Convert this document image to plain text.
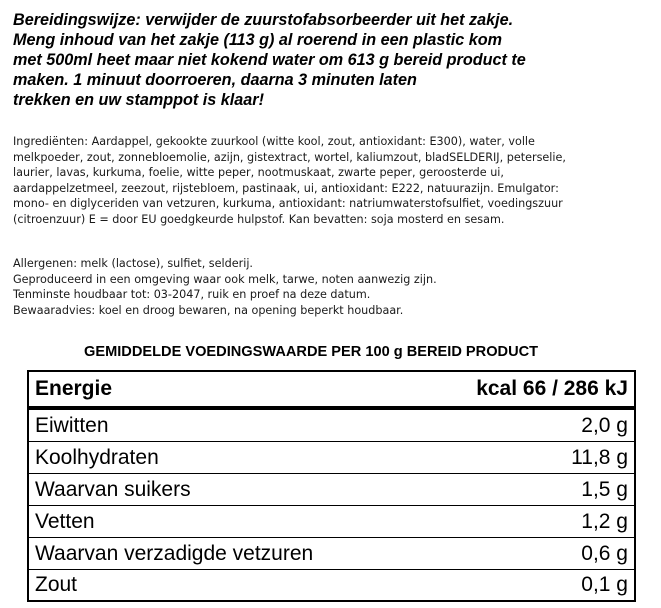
Bereidingswijze: verwijder de zuurstofabsorbeerder uit het zakje.
Meng inhoud van het zakje (113 g) al roerend in een plastic kom
met 500ml heet maar niet kokend water om 613 g bereid product te
maken. 1 minuut doorroeren, daarna 3 minuten laten
trekken en uw stamppot is klaar!
Ingrediënten: Aardappel, gekookte zuurkool (witte kool, zout, antioxidant: E300), water, volle
melkpoeder, zout, zonnebloemolie, azijn, gistextract, wortel, kaliumzout, bladSELDERIJ, peterselie,
laurier, lavas, kurkuma, foelie, witte peper, nootmuskaat, zwarte peper, geroosterde ui,
aardappelzetmeel, zeezout, rijstebloem, pastinaak, ui, antioxidant: E222, natuurazijn. Emulgator:
mono- en diglyceriden van vetzuren, kurkuma, antioxidant: natriumwaterstofsulfiet, voedingszuur
(citroenzuur) E = door EU goedgkeurde hulpstof. Kan bevatten: soja mosterd en sesam.
Allergenen: melk (lactose), sulfiet, selderij.
Geproduceerd in een omgeving waar ook melk, tarwe, noten aanwezig zijn.
Tenminste houdbaar tot: 03-2047, ruik en proef na deze datum.
Bewaaradvies: koel en droog bewaren, na opening beperkt houdbaar.
GEMIDDELDE VOEDINGSWAARDE PER 100 g BEREID PRODUCT
Energie	kcal 66 / 286 kJ
Eiwitten	2,0 g
Koolhydraten	11,8 g
Waarvan suikers	1,5 g
Vetten	1,2 g
Waarvan verzadigde vetzuren	0,6 g
Zout	0,1 g
